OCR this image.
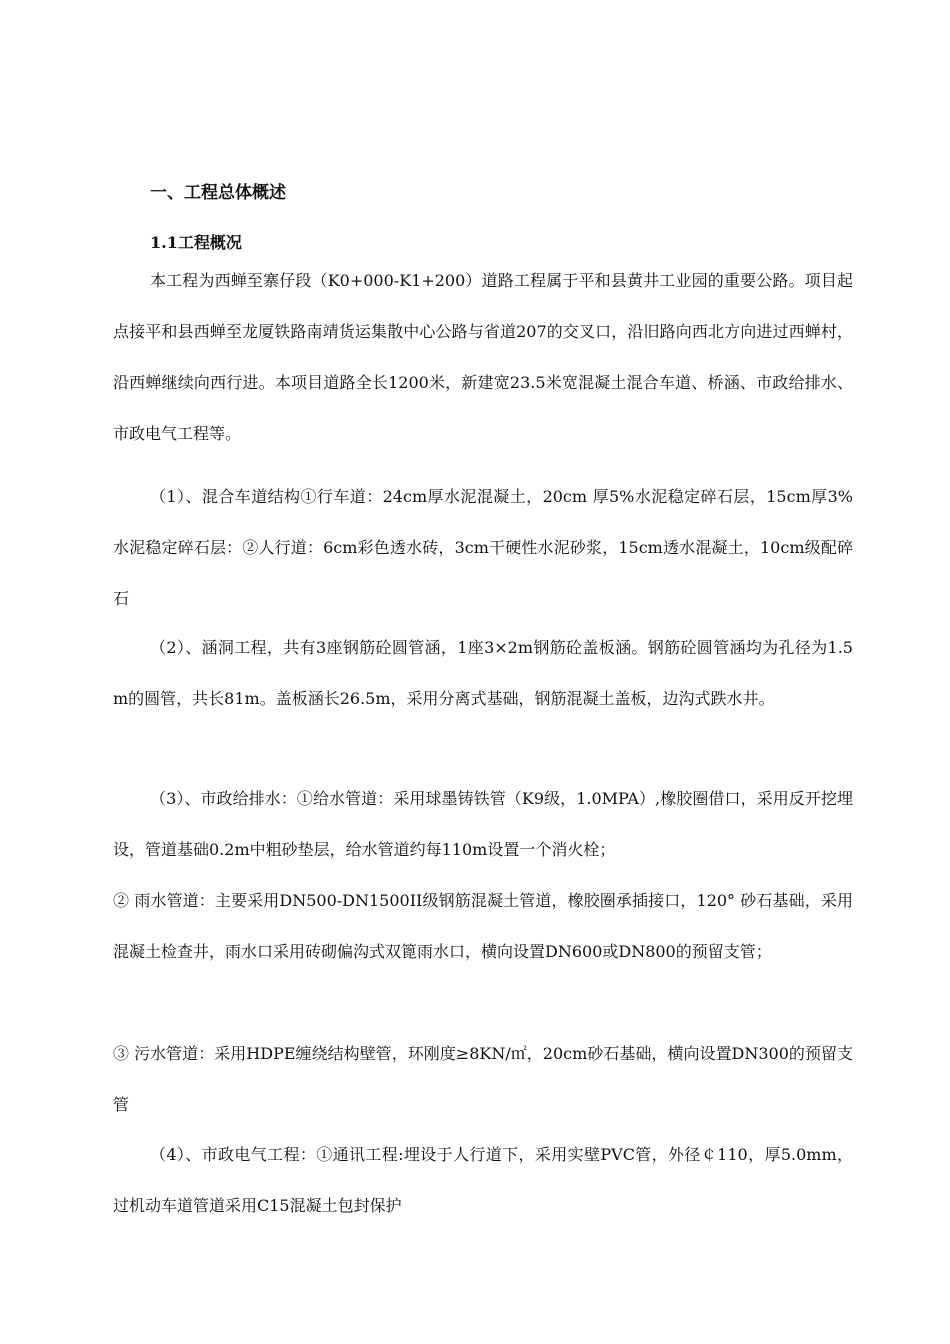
一、工程总体概述
1.1工程概况

本工程为西蝉至寨仔段（K0+000-K1+200）道路工程属于平和县黄井工业园的重要公路。项目起点接平和县西蝉至龙厦铁路南靖货运集散中心公路与省道207的交叉口，沿旧路向西北方向进过西蝉村，沿西蝉继续向西行进。本项目道路全长1200米，新建宽23.5米宽混凝土混合车道、桥涵、市政给排水、市政电气工程等。

（1）、混合车道结构①行车道：24cm厚水泥混凝土，20cm 厚5%水泥稳定碎石层，15cm厚3%水泥稳定碎石层：②人行道：6cm彩色透水砖，3cm干硬性水泥砂浆，15cm透水混凝土，10cm级配碎石

（2）、涵洞工程，共有3座钢筋砼圆管涵，1座3×2m钢筋砼盖板涵。钢筋砼圆管涵均为孔径为1.5m的圆管，共长81m。盖板涵长26.5m，采用分离式基础，钢筋混凝土盖板，边沟式跌水井。

（3）、市政给排水：①给水管道：采用球墨铸铁管（K9级，1.0MPA）,橡胶圈借口，采用反开挖埋设，管道基础0.2m中粗砂垫层，给水管道约每110m设置一个消火栓；

② 雨水管道：主要采用DN500-DN1500II级钢筋混凝土管道，橡胶圈承插接口，120° 砂石基础，采用混凝土检查井，雨水口采用砖砌偏沟式双篦雨水口，横向设置DN600或DN800的预留支管；

③ 污水管道：采用HDPE缠绕结构壁管，环刚度≥8KN/㎡，20cm砂石基础，横向设置DN300的预留支管

（4）、市政电气工程：①通讯工程:埋设于人行道下，采用实壁PVC管，外径￠110，厚5.0mm，过机动车道管道采用C15混凝土包封保护
